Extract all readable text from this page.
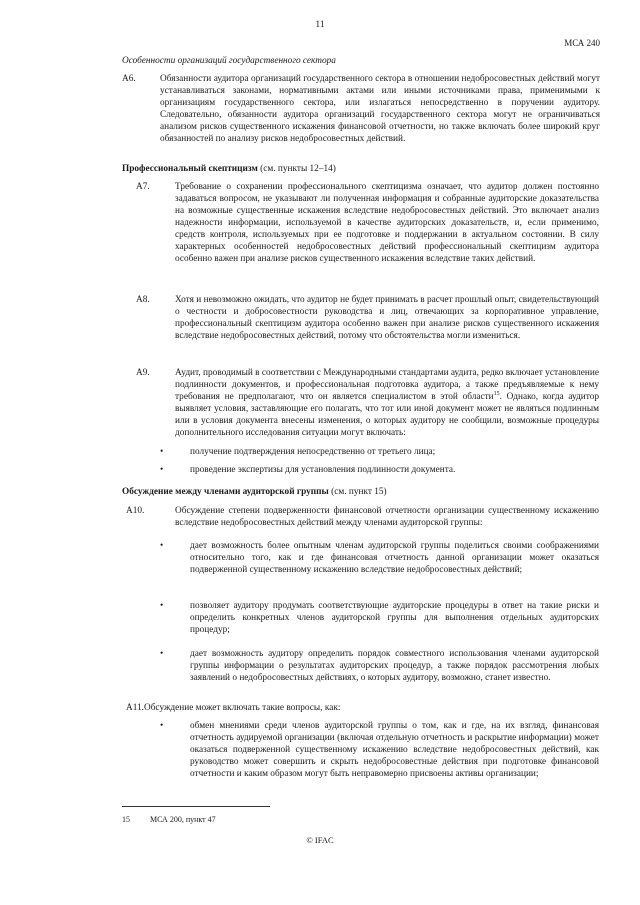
11
МСА 240
Особенности организаций государственного сектора
A6.	Обязанности аудитора организаций государственного сектора в отношении недобросовестных действий могут устанавливаться законами, нормативными актами или иными источниками права, применимыми к организациям государственного сектора, или излагаться непосредственно в поручении аудитору. Следовательно, обязанности аудитора организаций государственного сектора могут не ограничиваться анализом рисков существенного искажения финансовой отчетности, но также включать более широкий круг обязанностей по анализу рисков недобросовестных действий.
Профессиональный скептицизм (см. пункты 12–14)
A7.	Требование о сохранении профессионального скептицизма означает, что аудитор должен постоянно задаваться вопросом, не указывают ли полученная информация и собранные аудиторские доказательства на возможные существенные искажения вследствие недобросовестных действий. Это включает анализ надежности информации, используемой в качестве аудиторских доказательств, и, если применимо, средств контроля, используемых при ее подготовке и поддержании в актуальном состоянии. В силу характерных особенностей недобросовестных действий профессиональный скептицизм аудитора особенно важен при анализе рисков существенного искажения вследствие таких действий.
A8.	Хотя и невозможно ожидать, что аудитор не будет принимать в расчет прошлый опыт, свидетельствующий о честности и добросовестности руководства и лиц, отвечающих за корпоративное управление, профессиональный скептицизм аудитора особенно важен при анализе рисков существенного искажения вследствие недобросовестных действий, потому что обстоятельства могли измениться.
A9.	Аудит, проводимый в соответствии с Международными стандартами аудита, редко включает установление подлинности документов, и профессиональная подготовка аудитора, а также предъявляемые к нему требования не предполагают, что он является специалистом в этой области$^{15}$. Однако, когда аудитор выявляет условия, заставляющие его полагать, что тот или иной документ может не являться подлинным или в условия документа внесены изменения, о которых аудитору не сообщили, возможные процедуры дополнительного исследования ситуации могут включать:
•	получение подтверждения непосредственно от третьего лица;
•	проведение экспертизы для установления подлинности документа.
Обсуждение между членами аудиторской группы (см. пункт 15)
A10.	Обсуждение степени подверженности финансовой отчетности организации существенному искажению вследствие недобросовестных действий между членами аудиторской группы:
•	дает возможность более опытным членам аудиторской группы поделиться своими соображениями относительно того, как и где финансовая отчетность данной организации может оказаться подверженной существенному искажению вследствие недобросовестных действий;
•	позволяет аудитору продумать соответствующие аудиторские процедуры в ответ на такие риски и определить конкретных членов аудиторской группы для выполнения отдельных аудиторских процедур;
•	дает возможность аудитору определить порядок совместного использования членами аудиторской группы информации о результатах аудиторских процедур, а также порядок рассмотрения любых заявлений о недобросовестных действиях, о которых аудитору, возможно, станет известно.
A11.Обсуждение может включать такие вопросы, как:
•	обмен мнениями среди членов аудиторской группы о том, как и где, на их взгляд, финансовая отчетность аудируемой организации (включая отдельную отчетность и раскрытие информации) может оказаться подверженной существенному искажению вследствие недобросовестных действий, как руководство может совершить и скрыть недобросовестные действия при подготовке финансовой отчетности и каким образом могут быть неправомерно присвоены активы организации;
15	МСА 200, пункт 47
© IFAC
